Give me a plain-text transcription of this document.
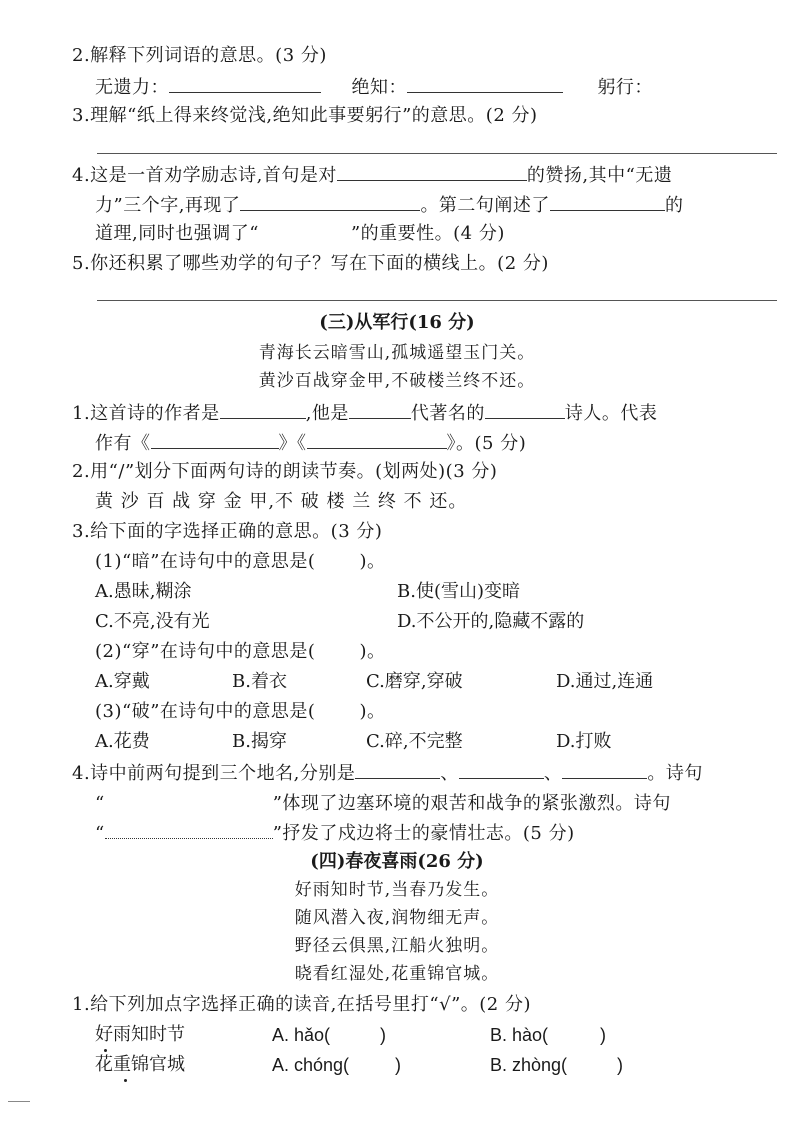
2.解释下列词语的意思。(3 分)
无遗力：	绝知：	躬行：
3.理解“纸上得来终觉浅,绝知此事要躬行”的意思。(2 分)
4.这是一首劝学励志诗,首句是对	的赞扬,其中“无遗
力”三个字,再现了	。第二句阐述了	的
道理,同时也强调了“	”的重要性。(4 分)
5.你还积累了哪些劝学的句子？写在下面的横线上。(2 分)
(三)从军行(16 分)
青海长云暗雪山,孤城遥望玉门关。
黄沙百战穿金甲,不破楼兰终不还。
1.这首诗的作者是	,他是	代著名的	诗人。代表
作有《	》《	》。(5 分)
2.用“/”划分下面两句诗的朗读节奏。(划两处)(3 分)
黄 沙 百 战 穿 金 甲,不 破 楼 兰 终 不 还。
3.给下面的字选择正确的意思。(3 分)
(1)“暗”在诗句中的意思是( )。
A.愚昧,糊涂	B.使(雪山)变暗
C.不亮,没有光	D.不公开的,隐藏不露的
(2)“穿”在诗句中的意思是( )。
A.穿戴	B.着衣	C.磨穿,穿破	D.通过,连通
(3)“破”在诗句中的意思是( )。
A.花费	B.揭穿	C.碎,不完整	D.打败
4.诗中前两句提到三个地名,分别是	、	、	。诗句
“	”体现了边塞环境的艰苦和战争的紧张激烈。诗句
“	”抒发了戍边将士的豪情壮志。(5 分)
(四)春夜喜雨(26 分)
好雨知时节,当春乃发生。
随风潜入夜,润物细无声。
野径云俱黑,江船火独明。
晓看红湿处,花重锦官城。
1.给下列加点字选择正确的读音,在括号里打“√”。(2 分)
好雨知时节	A. hǎo(	)	B. hào(	)
花重锦官城	A. chóng(	)	B. zhòng(	)
